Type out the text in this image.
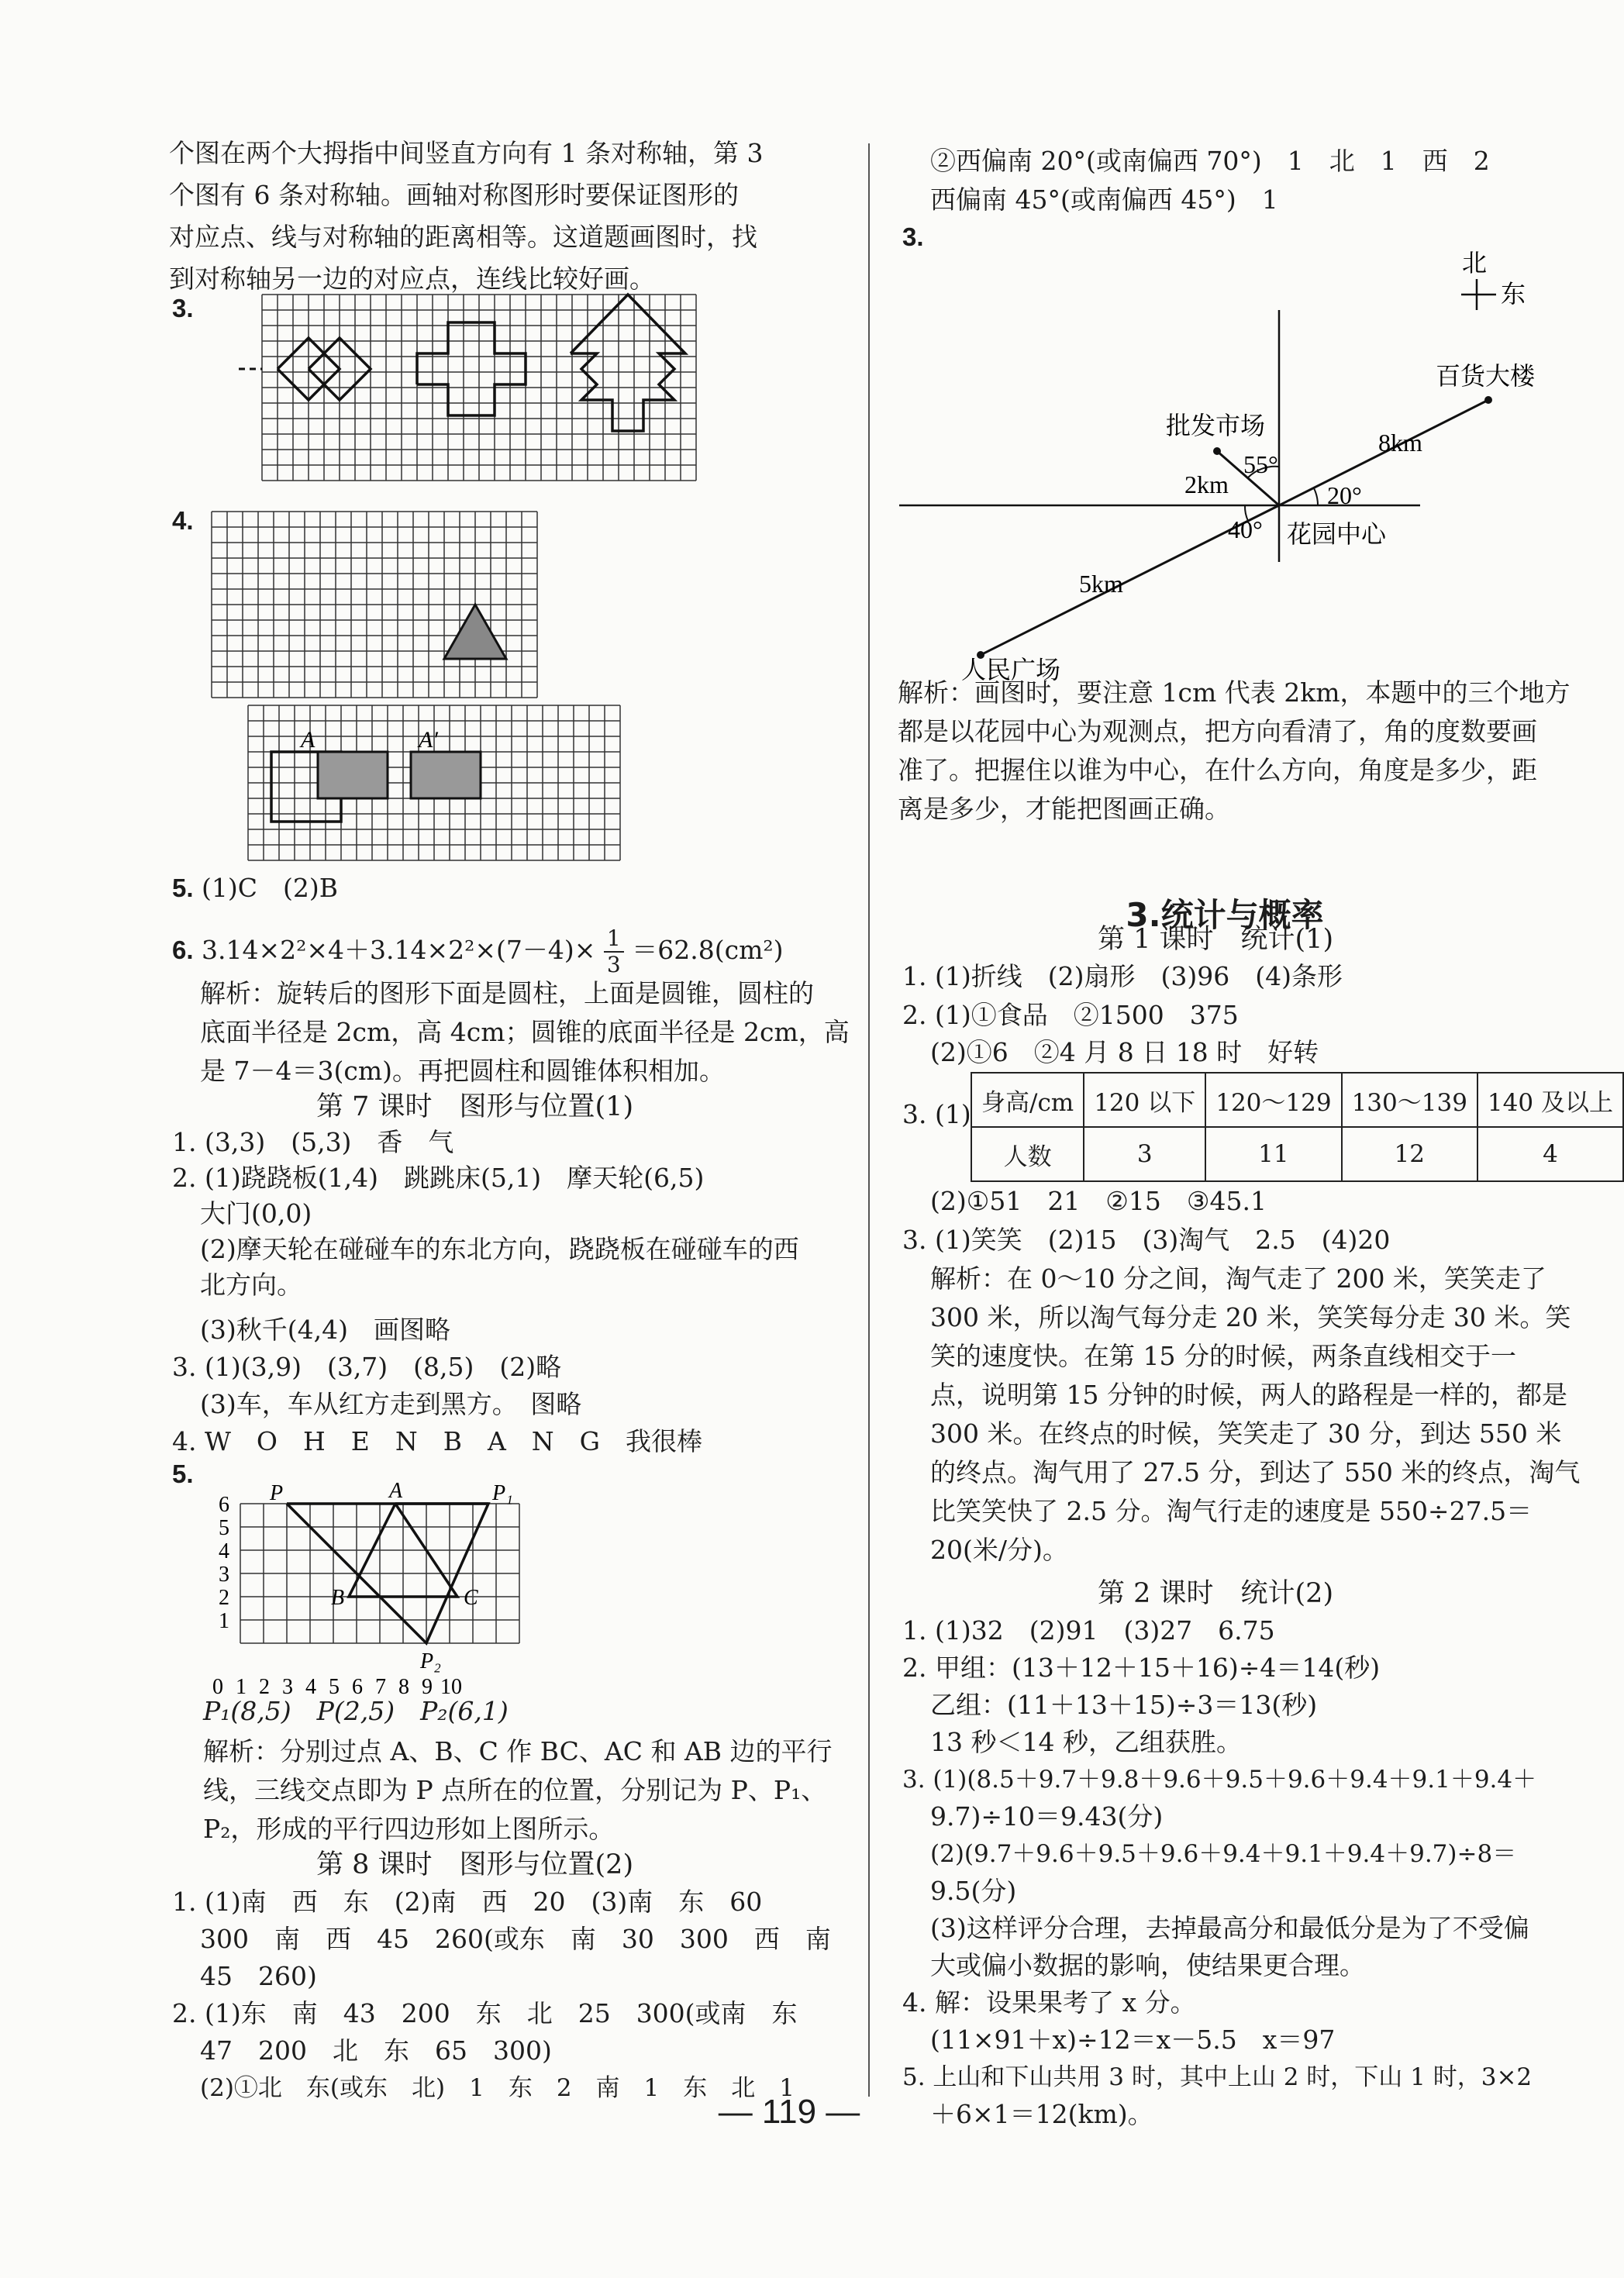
个图在两个大拇指中间竖直方向有 1 条对称轴，第 3
个图有 6 条对称轴。画轴对称图形时要保证图形的
对应点、线与对称轴的距离相等。这道题画图时，找
到对称轴另一边的对应点，连线比较好画。
3.
4.
A	A′
5. (1)C　(2)B
6. $3.14\times 2^2\times 4+3.14\times 2^2\times(7-4)\times \frac{1}{3} =62.8(cm^2)$
解析：旋转后的图形下面是圆柱，上面是圆锥，圆柱的
底面半径是 2cm，高 4cm；圆锥的底面半径是 2cm，高
是 7－4＝3(cm)。再把圆柱和圆锥体积相加。
第 7 课时　图形与位置(1)
1. (3,3)　(5,3)　香　气
2. (1)跷跷板(1,4)　跳跳床(5,1)　摩天轮(6,5)
大门(0,0)
(2)摩天轮在碰碰车的东北方向，跷跷板在碰碰车的西
北方向。
(3)秋千(4,4)　画图略
3. (1)(3,9)　(3,7)　(8,5)　(2)略
(3)车，车从红方走到黑方。　图略
4. W　O　H　E　N　B　A　N　G　我很棒
5.
6
5
4
3
2
1
0 1 2 3 4 5 6 7 8 9 10
P	A	P₁
B	C
P₂
P₁(8,5)　P(2,5)　P₂(6,1)
解析：分别过点 A、B、C 作 BC、AC 和 AB 边的平行
线，三线交点即为 P 点所在的位置，分别记为 P、P₁、
P₂，形成的平行四边形如上图所示。
第 8 课时　图形与位置(2)
1. (1)南　西　东　(2)南　西　20　(3)南　东　60
300　南　西　45　260(或东　南　30　300　西　南
45　260)
2. (1)东　南　43　200　东　北　25　300(或南　东
47　200　北　东　65　300)
(2)①北　东(或东　北)　1　东　2　南　1　东　北　1
②西偏南 20°(或南偏西 70°)　1　北　1　西　2
西偏南 45°(或南偏西 45°)　1
3.
北
东
百货大楼
批发市场
花园中心
人民广场
8km
2km
5km
55°
20°
40°
解析：画图时，要注意 1cm 代表 2km，本题中的三个地方
都是以花园中心为观测点，把方向看清了，角的度数要画
准了。把握住以谁为中心，在什么方向，角度是多少，距
离是多少，才能把图画正确。
3.统计与概率
第 1 课时　统计(1)
1. (1)折线　(2)扇形　(3)96　(4)条形
2. (1)①食品　②1500　375
(2)①6　②4 月 8 日 18 时　好转
3. (1) 身高/cm	120 以下	120～129	130～139	140 及以上
人数	3	11	12	4
(2)①51　21　②15　③45.1
3. (1)笑笑　(2)15　(3)淘气　2.5　(4)20
解析：在 0～10 分之间，淘气走了 200 米，笑笑走了
300 米，所以淘气每分走 20 米，笑笑每分走 30 米。笑
笑的速度快。在第 15 分的时候，两条直线相交于一
点，说明第 15 分钟的时候，两人的路程是一样的，都是
300 米。在终点的时候，笑笑走了 30 分，到达 550 米
的终点。淘气用了 27.5 分，到达了 550 米的终点，淘气
比笑笑快了 2.5 分。淘气行走的速度是 550÷27.5＝
20(米/分)。
第 2 课时　统计(2)
1. (1)32　(2)91　(3)27　6.75
2. 甲组：(13＋12＋15＋16)÷4＝14(秒)
乙组：(11＋13＋15)÷3＝13(秒)
13 秒＜14 秒，乙组获胜。
3. (1)(8.5＋9.7＋9.8＋9.6＋9.5＋9.6＋9.4＋9.1＋9.4＋
9.7)÷10＝9.43(分)
(2)(9.7＋9.6＋9.5＋9.6＋9.4＋9.1＋9.4＋9.7)÷8＝
9.5(分)
(3)这样评分合理，去掉最高分和最低分是为了不受偏
大或偏小数据的影响，使结果更合理。
4. 解：设果果考了 x 分。
(11×91＋x)÷12＝x－5.5　x＝97
5. 上山和下山共用 3 时，其中上山 2 时，下山 1 时，3×2
＋6×1＝12(km)。
— 119 —
